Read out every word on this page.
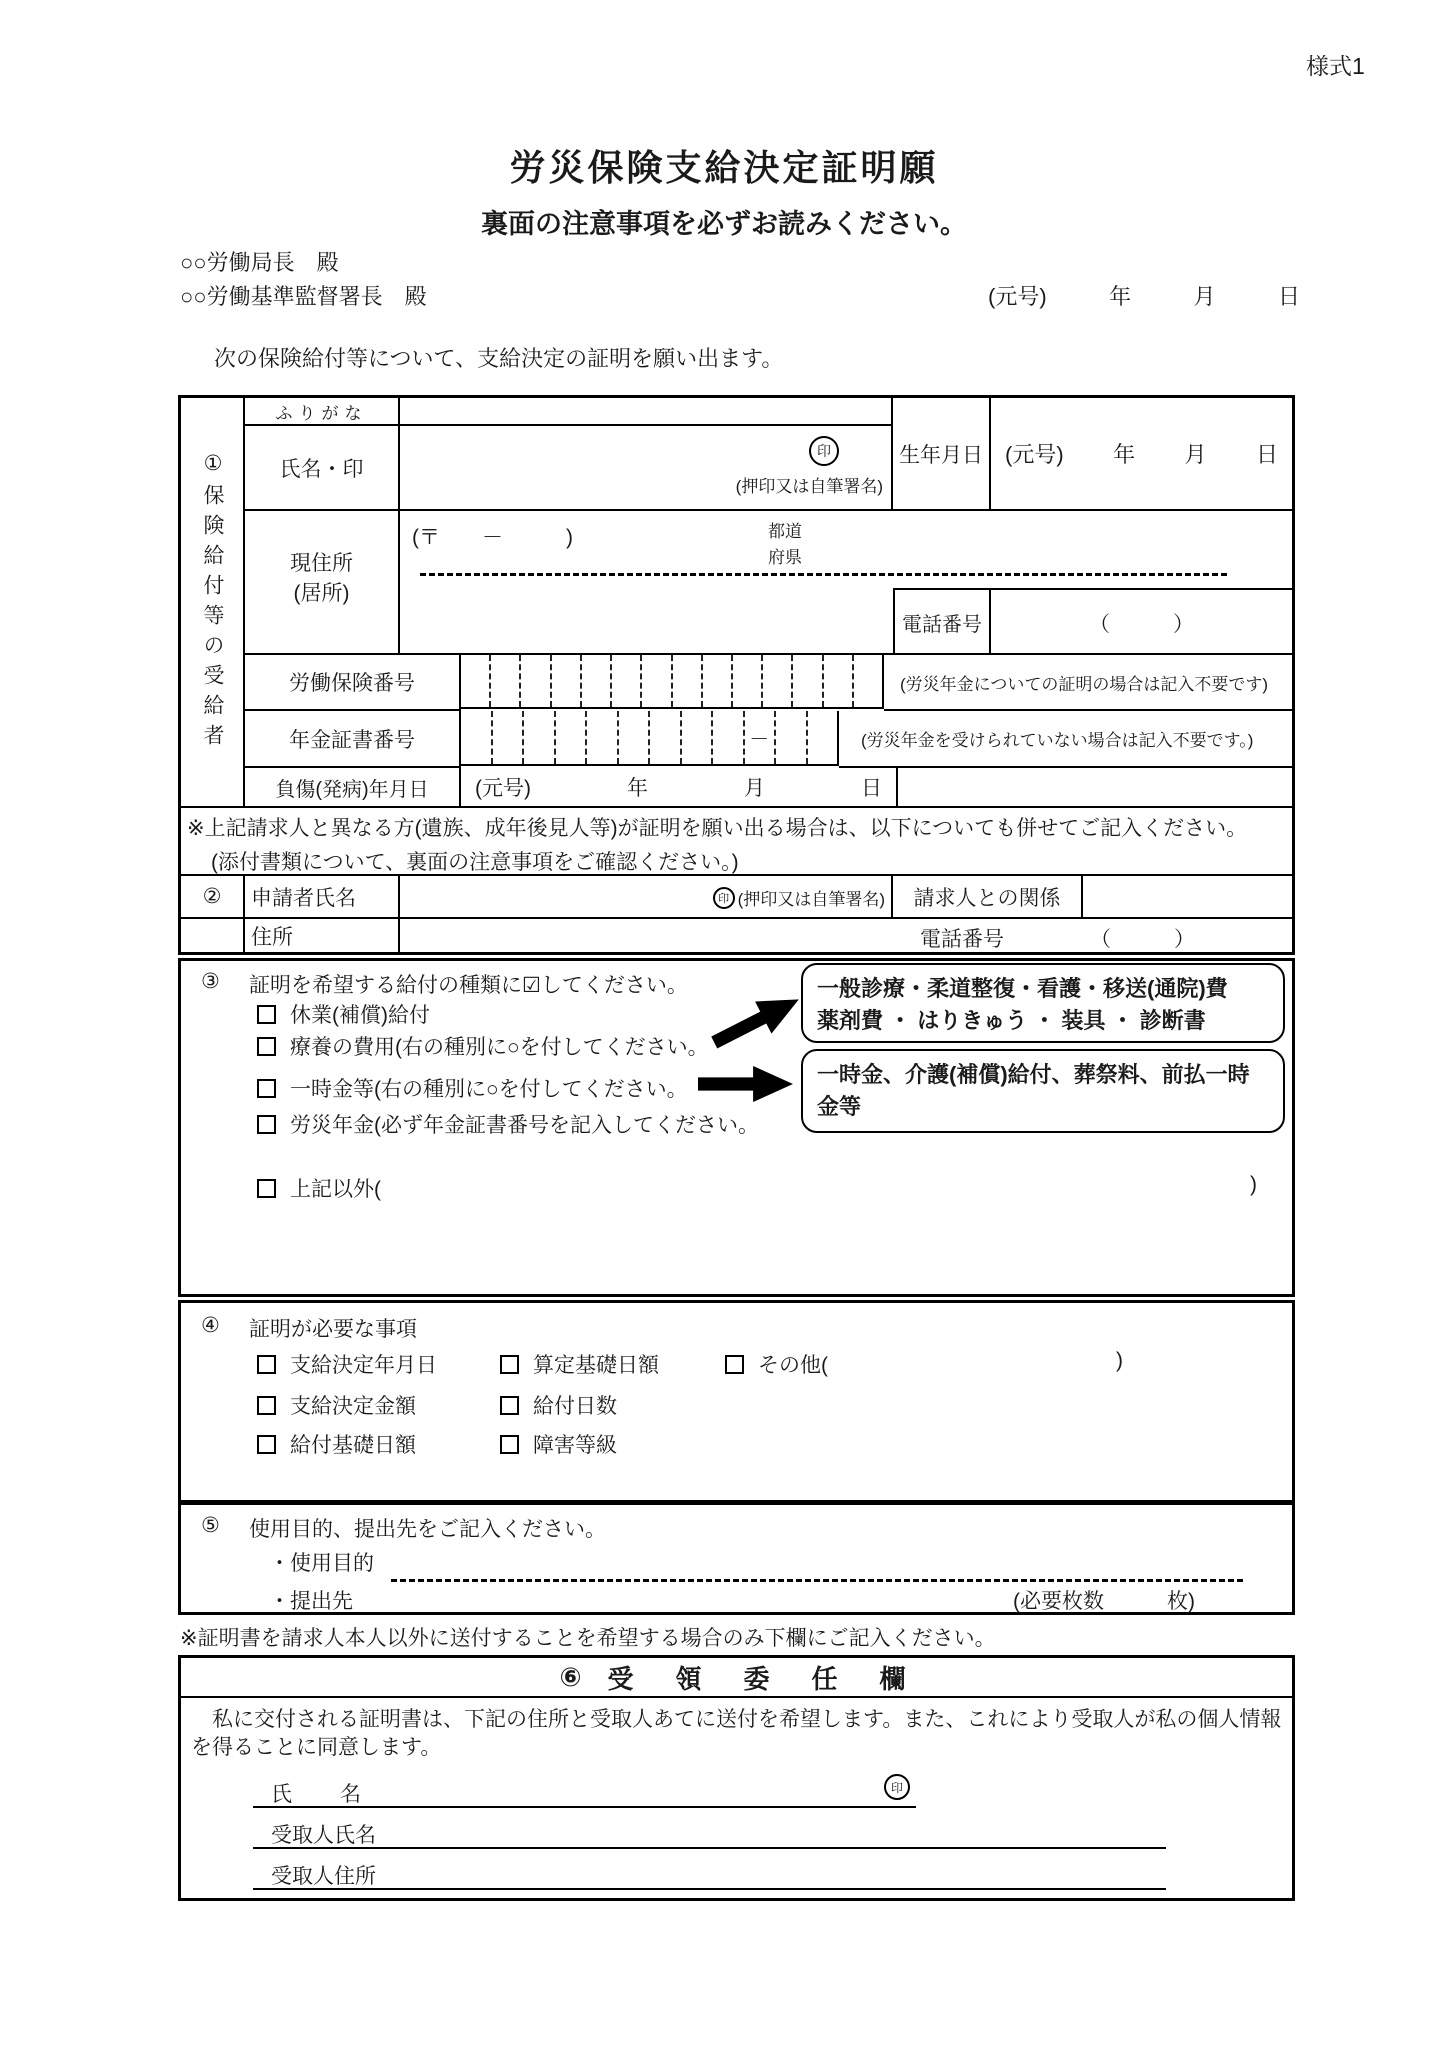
様式1
労災保険支給決定証明願
裏面の注意事項を必ずお読みください。
○○労働局長　殿
○○労働基準監督署長　殿	(元号)	年	月	日
次の保険給付等について、支給決定の証明を願い出ます。
①保険給付等の受給者
ふりがな
氏名・印
印
(押印又は自筆署名)
生年月日	(元号) 年 月 日
現住所
(居所)
(〒　　－　　　)	都道
府県
電話番号	（　　　）
労働保険番号	(労災年金についての証明の場合は記入不要です)
年金証書番号	－	(労災年金を受けられていない場合は記入不要です。)
負傷(発病)年月日	(元号)	年	月	日
※上記請求人と異なる方(遺族、成年後見人等)が証明を願い出る場合は、以下についても併せてご記入ください。
(添付書類について、裏面の注意事項をご確認ください。)
②	申請者氏名	印 (押印又は自筆署名)	請求人との関係
住所	電話番号	（　　　）
③ 証明を希望する給付の種類に☑してください。
休業(補償)給付
療養の費用(右の種別に○を付してください。
一時金等(右の種別に○を付してください。
労災年金(必ず年金証書番号を記入してください。
上記以外(	)
一般診療・柔道整復・看護・移送(通院)費
薬剤費 ・ はりきゅう ・ 装具 ・ 診断書
一時金、介護(補償)給付、葬祭料、前払一時金等
④ 証明が必要な事項
支給決定年月日	算定基礎日額	その他(	)
支給決定金額	給付日数
給付基礎日額	障害等級
⑤ 使用目的、提出先をご記入ください。
・使用目的
・提出先	(必要枚数　　　枚)
※証明書を請求人本人以外に送付することを希望する場合のみ下欄にご記入ください。
⑥ 受　領　委　任　欄
私に交付される証明書は、下記の住所と受取人あてに送付を希望します。また、これにより受取人が私の個人情報を得ることに同意します。
氏　　名	印
受取人氏名
受取人住所
